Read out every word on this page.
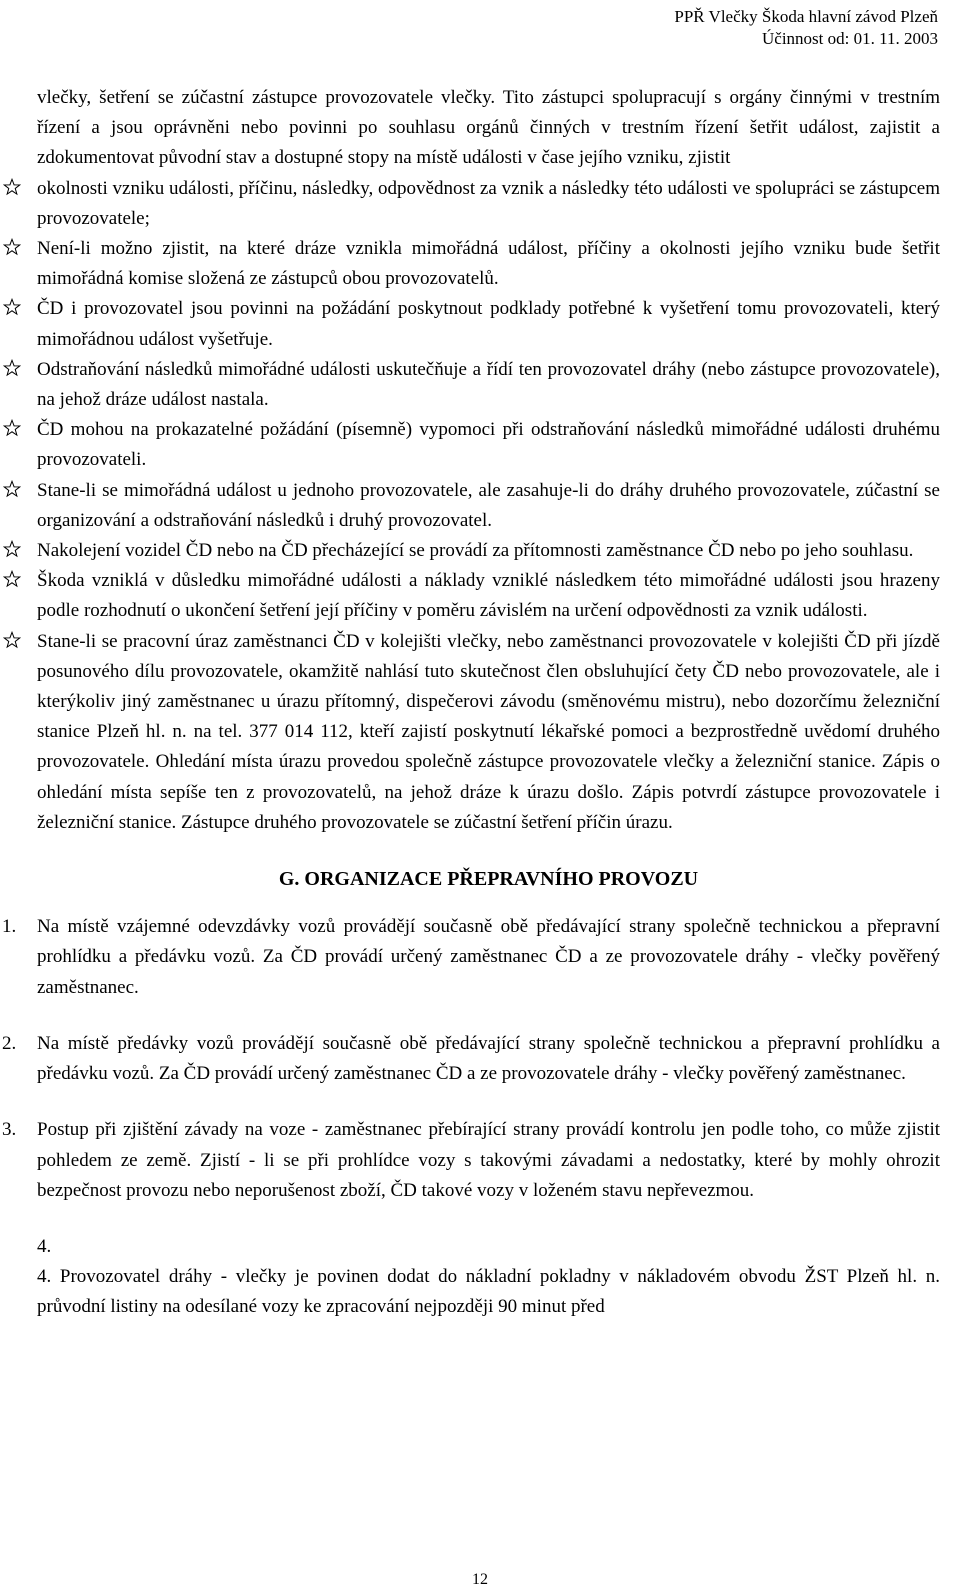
PPŘ Vlečky Škoda hlavní závod Plzeň
Účinnost od: 01. 11. 2003

vlečky, šetření se zúčastní zástupce provozovatele vlečky. Tito zástupci spolupracují s orgány činnými v trestním řízení a jsou oprávněni nebo povinni po souhlasu orgánů činných v trestním řízení šetřit událost, zajistit a zdokumentovat původní stav a dostupné stopy na místě události v čase jejího vzniku, zjistit

okolnosti vzniku události, příčinu, následky, odpovědnost za vznik a následky této události ve spolupráci se zástupcem provozovatele;
Není-li možno zjistit, na které dráze vznikla mimořádná událost, příčiny a okolnosti jejího vzniku bude šetřit mimořádná komise složená ze zástupců obou provozovatelů.
ČD i provozovatel jsou povinni na požádání poskytnout podklady potřebné k vyšetření tomu provozovateli, který mimořádnou událost vyšetřuje.
Odstraňování následků mimořádné události uskutečňuje a řídí ten provozovatel dráhy (nebo zástupce provozovatele), na jehož dráze událost nastala.
ČD mohou na prokazatelné požádání (písemně) vypomoci při odstraňování následků mimořádné události druhému provozovateli.
Stane-li se mimořádná událost u jednoho provozovatele, ale zasahuje-li do dráhy druhého provozovatele, zúčastní se organizování a odstraňování následků i druhý provozovatel.
Nakolejení vozidel ČD nebo na ČD přecházející se provádí za přítomnosti zaměstnance ČD nebo po jeho souhlasu.
Škoda vzniklá v důsledku mimořádné události a náklady vzniklé následkem této mimořádné události jsou hrazeny podle rozhodnutí o ukončení šetření její příčiny v poměru závislém na určení odpovědnosti za vznik události.
Stane-li se pracovní úraz zaměstnanci ČD v kolejišti vlečky, nebo zaměstnanci provozovatele v kolejišti ČD při jízdě posunového dílu provozovatele, okamžitě nahlásí tuto skutečnost člen obsluhující čety ČD nebo provozovatele, ale i kterýkoliv jiný zaměstnanec u úrazu přítomný, dispečerovi závodu (směnovému mistru), nebo dozorčímu železniční stanice Plzeň hl. n. na tel. 377 014 112, kteří zajistí poskytnutí lékařské pomoci a bezprostředně uvědomí druhého provozovatele. Ohledání místa úrazu provedou společně zástupce provozovatele vlečky a železniční stanice. Zápis o ohledání místa sepíše ten z provozovatelů, na jehož dráze k úrazu došlo. Zápis potvrdí zástupce provozovatele i železniční stanice. Zástupce druhého provozovatele se zúčastní šetření příčin úrazu.
G. ORGANIZACE PŘEPRAVNÍHO PROVOZU
1. Na místě vzájemné odevzdávky vozů provádějí současně obě předávající strany společně technickou a přepravní prohlídku a předávku vozů. Za ČD provádí určený zaměstnanec ČD a ze provozovatele dráhy - vlečky pověřený zaměstnanec.
2. Na místě předávky vozů provádějí současně obě předávající strany společně technickou a přepravní prohlídku a předávku vozů. Za ČD provádí určený zaměstnanec ČD a ze provozovatele dráhy - vlečky pověřený zaměstnanec.
3. Postup při zjištění závady na voze - zaměstnanec přebírající strany provádí kontrolu jen podle toho, co může zjistit pohledem ze země. Zjistí - li se při prohlídce vozy s takovými závadami a nedostatky, které by mohly ohrozit bezpečnost provozu nebo neporušenost zboží, ČD takové vozy v loženém stavu nepřevezmou.

4.

4. Provozovatel dráhy - vlečky je povinen dodat do nákladní pokladny v nákladovém obvodu ŽST Plzeň hl. n. průvodní listiny na odesílané vozy ke zpracování nejpozději 90 minut před

12
